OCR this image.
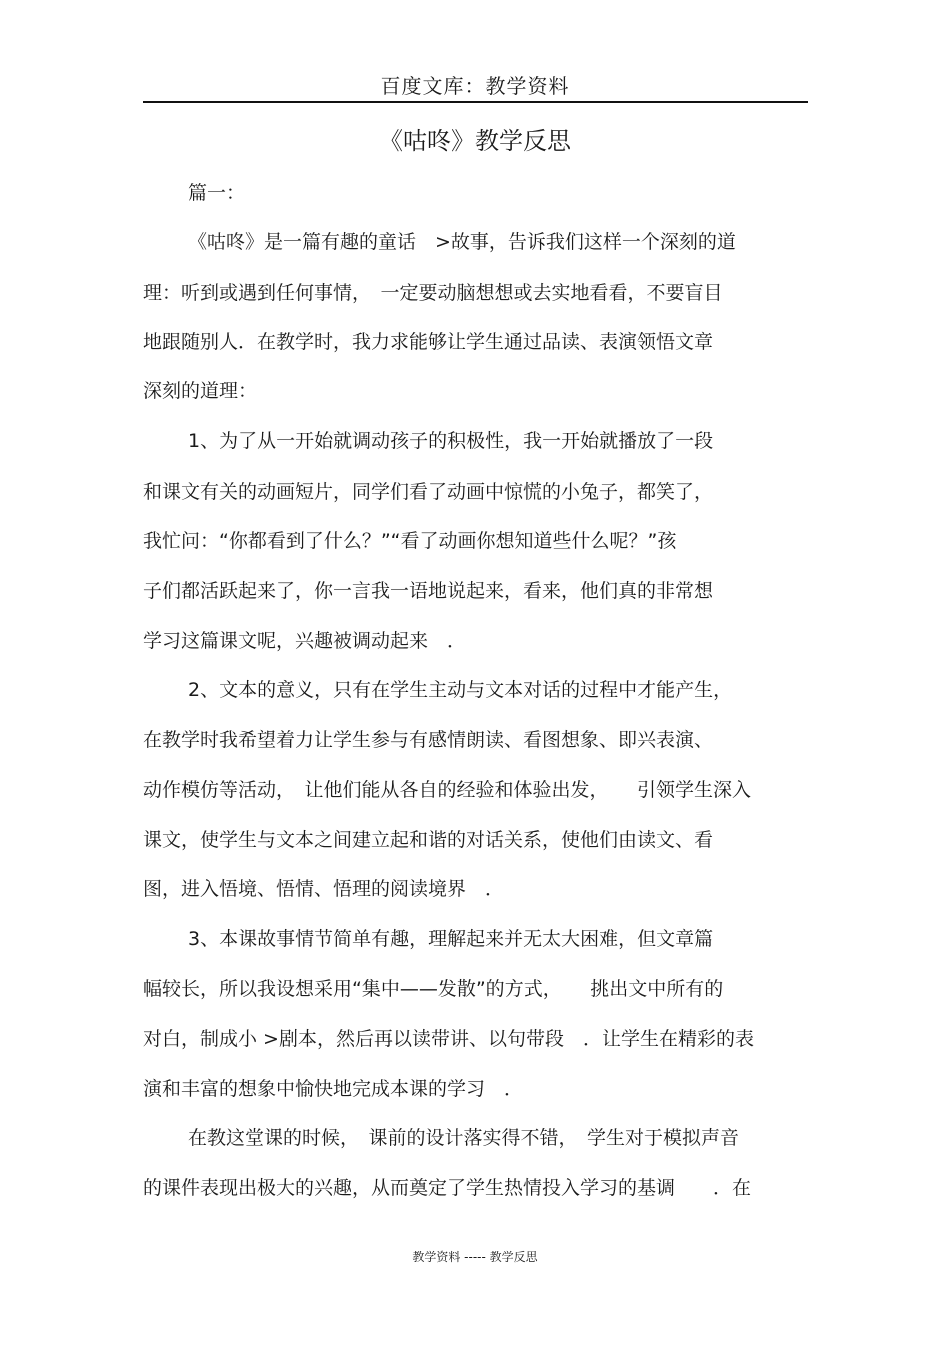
百度文库：教学资料
《咕咚》教学反思
篇一：
《咕咚》是一篇有趣的童话　>故事，告诉我们这样一个深刻的道
理：听到或遇到任何事情，　一定要动脑想想或去实地看看，不要盲目
地跟随别人．在教学时，我力求能够让学生通过品读、表演领悟文章
深刻的道理：
1、为了从一开始就调动孩子的积极性，我一开始就播放了一段
和课文有关的动画短片，同学们看了动画中惊慌的小兔子，都笑了，
我忙问：“你都看到了什么？”“看了动画你想知道些什么呢？”孩
子们都活跃起来了，你一言我一语地说起来，看来，他们真的非常想
学习这篇课文呢，兴趣被调动起来　．
2、文本的意义，只有在学生主动与文本对话的过程中才能产生，
在教学时我希望着力让学生参与有感情朗读、看图想象、即兴表演、
动作模仿等活动，　让他们能从各自的经验和体验出发，　　引领学生深入
课文，使学生与文本之间建立起和谐的对话关系，使他们由读文、看
图，进入悟境、悟情、悟理的阅读境界　．
3、本课故事情节简单有趣，理解起来并无太大困难，但文章篇
幅较长，所以我设想采用“集中——发散”的方式，　　挑出文中所有的
对白，制成小 >剧本，然后再以读带讲、以句带段　．让学生在精彩的表
演和丰富的想象中愉快地完成本课的学习　．
在教这堂课的时候，　课前的设计落实得不错，　学生对于模拟声音
的课件表现出极大的兴趣，从而奠定了学生热情投入学习的基调　　．在
教学资料 ----- 教学反思
